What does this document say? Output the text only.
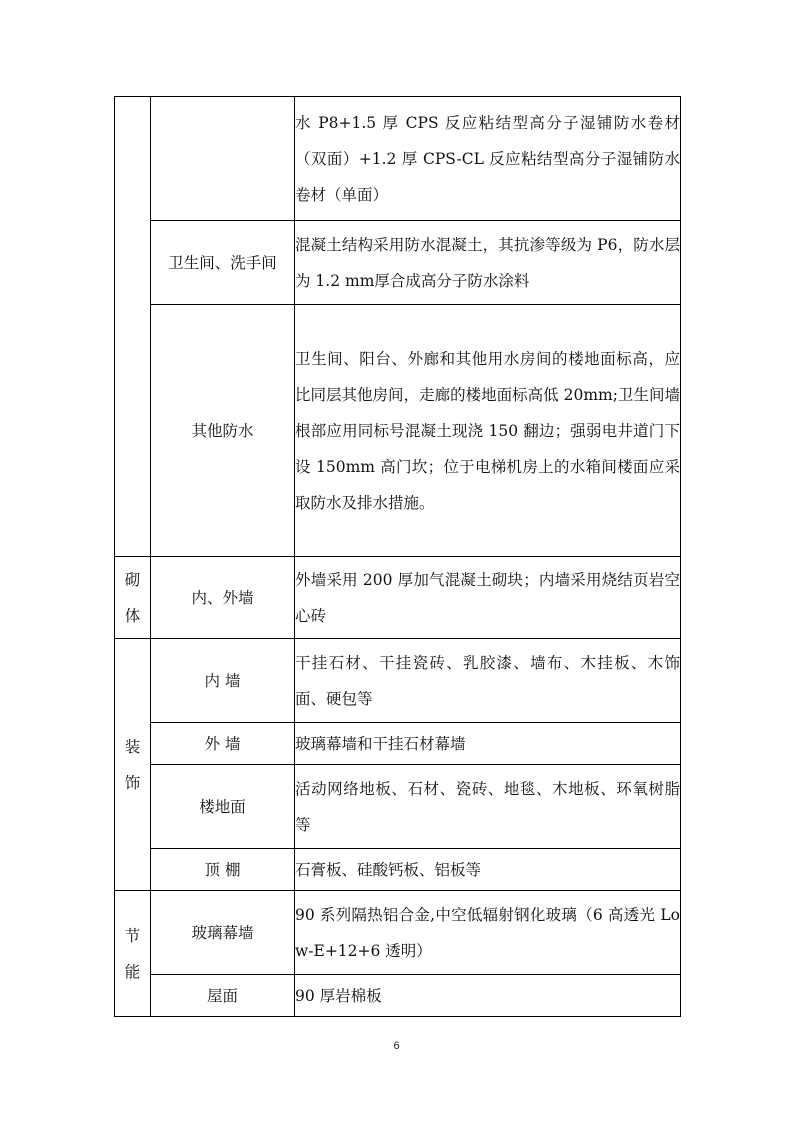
		水 P8+1.5 厚 CPS 反应粘结型高分子湿铺防水卷材（双面）+1.2 厚 CPS-CL 反应粘结型高分子湿铺防水卷材（单面）
	卫生间、洗手间	混凝土结构采用防水混凝土，其抗渗等级为 P6，防水层为 1.2 mm厚合成高分子防水涂料
	其他防水	卫生间、阳台、外廊和其他用水房间的楼地面标高，应比同层其他房间，走廊的楼地面标高低 20mm;卫生间墙根部应用同标号混凝土现浇 150 翻边；强弱电井道门下设 150mm 高门坎；位于电梯机房上的水箱间楼面应采取防水及排水措施。

砌
体	内、外墙	外墙采用 200 厚加气混凝土砌块；内墙采用烧结页岩空心砖

装
饰	内 墙	干挂石材、干挂瓷砖、乳胶漆、墙布、木挂板、木饰面、硬包等
	外 墙	玻璃幕墙和干挂石材幕墙
	楼地面	活动网络地板、石材、瓷砖、地毯、木地板、环氧树脂等
	顶 棚	石膏板、硅酸钙板、铝板等

节
能	玻璃幕墙	90 系列隔热铝合金,中空低辐射钢化玻璃（6 高透光 Low-E+12+6 透明）
	屋面	90 厚岩棉板
6
